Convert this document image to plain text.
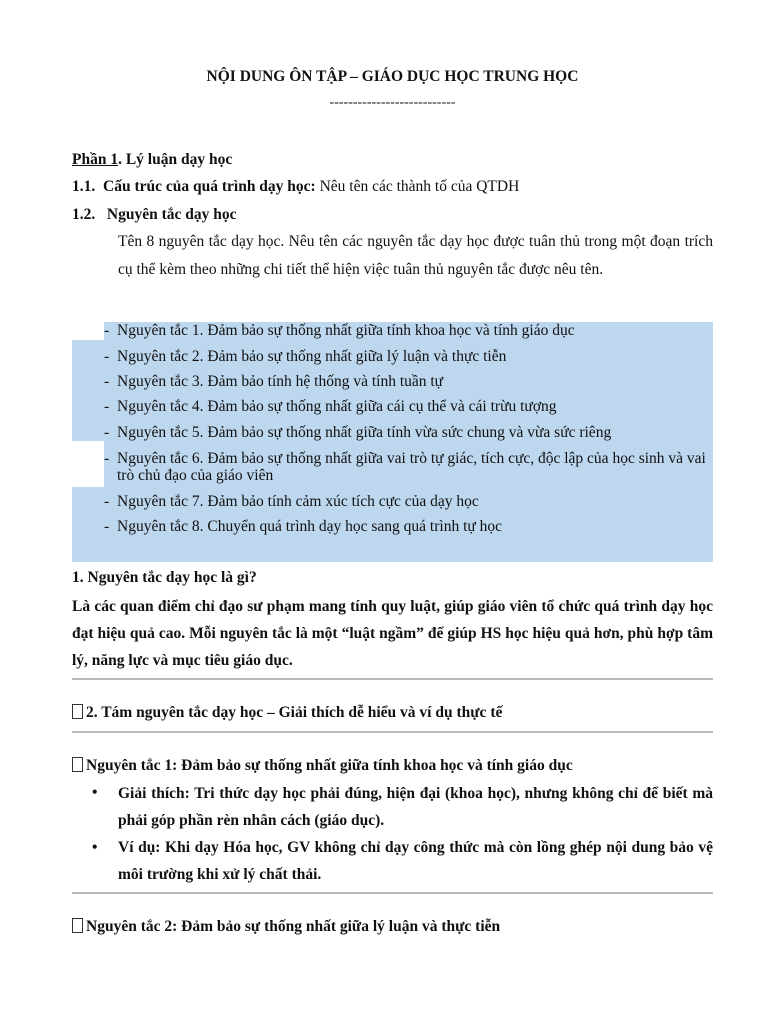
NỘI DUNG ÔN TẬP – GIÁO DỤC HỌC TRUNG HỌC
---------------------------
Phần 1. Lý luận dạy học
1.1. Cấu trúc của quá trình dạy học: Nêu tên các thành tố của QTDH
1.2. Nguyên tắc dạy học
Tên 8 nguyên tắc dạy học. Nêu tên các nguyên tắc dạy học được tuân thủ trong một đoạn trích cụ thể kèm theo những chi tiết thể hiện việc tuân thủ nguyên tắc được nêu tên.
- Nguyên tắc 1. Đảm bảo sự thống nhất giữa tính khoa học và tính giáo dục
- Nguyên tắc 2. Đảm bảo sự thống nhất giữa lý luận và thực tiễn
- Nguyên tắc 3. Đảm bảo tính hệ thống và tính tuần tự
- Nguyên tắc 4. Đảm bảo sự thống nhất giữa cái cụ thể và cái trừu tượng
- Nguyên tắc 5. Đảm bảo sự thống nhất giữa tính vừa sức chung và vừa sức riêng
- Nguyên tắc 6. Đảm bảo sự thống nhất giữa vai trò tự giác, tích cực, độc lập của học sinh và vai trò chủ đạo của giáo viên
- Nguyên tắc 7. Đảm bảo tính cảm xúc tích cực của dạy học
- Nguyên tắc 8. Chuyển quá trình dạy học sang quá trình tự học
1. Nguyên tắc dạy học là gì?
Là các quan điểm chỉ đạo sư phạm mang tính quy luật, giúp giáo viên tổ chức quá trình dạy học đạt hiệu quả cao. Mỗi nguyên tắc là một “luật ngầm” để giúp HS học hiệu quả hơn, phù hợp tâm lý, năng lực và mục tiêu giáo dục.
2. Tám nguyên tắc dạy học – Giải thích dễ hiểu và ví dụ thực tế
Nguyên tắc 1: Đảm bảo sự thống nhất giữa tính khoa học và tính giáo dục
• Giải thích: Tri thức dạy học phải đúng, hiện đại (khoa học), nhưng không chỉ để biết mà phải góp phần rèn nhân cách (giáo dục).
• Ví dụ: Khi dạy Hóa học, GV không chỉ dạy công thức mà còn lồng ghép nội dung bảo vệ môi trường khi xử lý chất thải.
Nguyên tắc 2: Đảm bảo sự thống nhất giữa lý luận và thực tiễn
